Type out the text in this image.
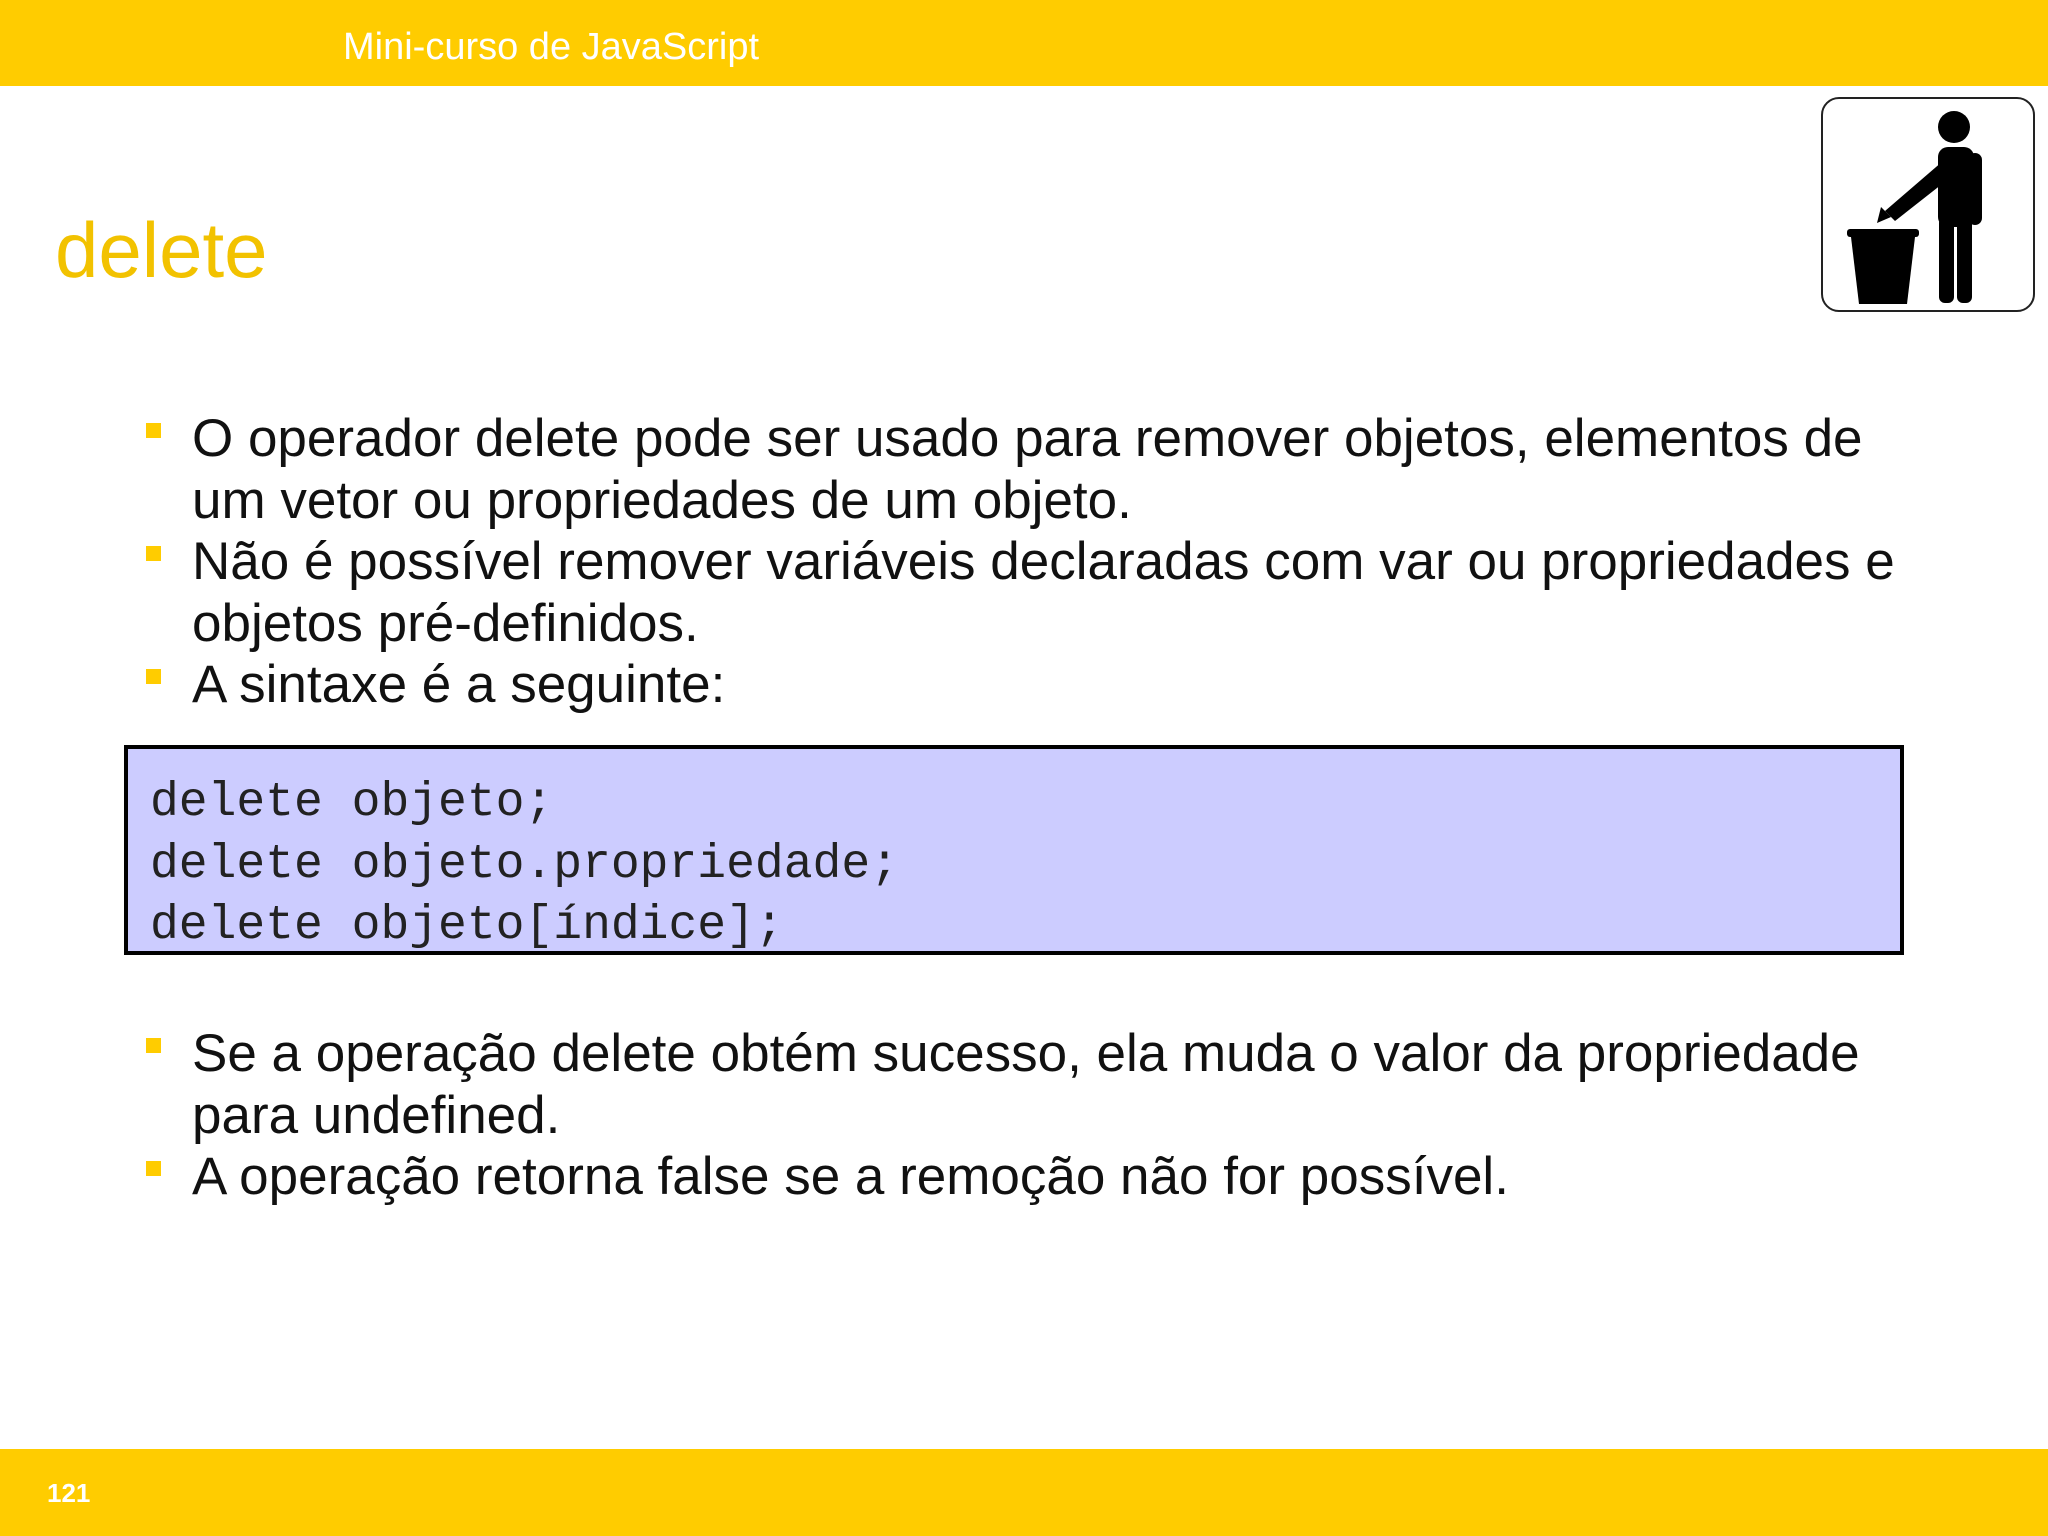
Mini-curso de JavaScript
delete
O operador delete pode ser usado para remover objetos, elementos de um vetor ou propriedades de um objeto.
Não é possível remover variáveis declaradas com var ou propriedades e objetos pré-definidos.
A sintaxe é a seguinte:
delete objeto;
delete objeto.propriedade;
delete objeto[índice];
Se a operação delete obtém sucesso, ela muda o valor da propriedade para undefined.
A operação retorna false se a remoção não for possível.
121
